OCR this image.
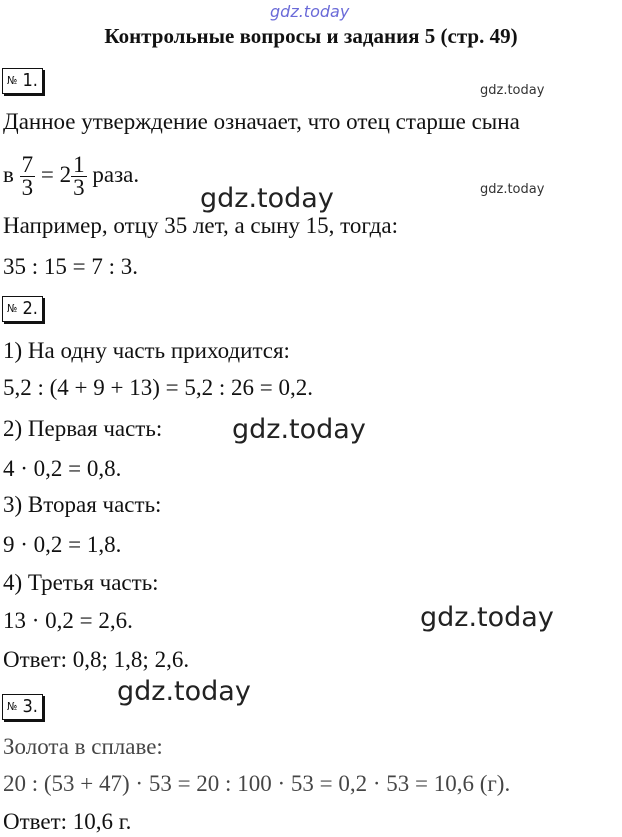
gdz.today
Контрольные вопросы и задания 5 (стр. 49)
№ 1.	gdz.today
Данное утверждение означает, что отец старше сына
в $\frac{7}{3} = 2 \frac{1}{3}$ раза.
gdz.today	gdz.today
Например, отцу 35 лет, а сыну 15, тогда:
35 : 15 = 7 : 3.
№ 2.
1) На одну часть приходится:
5,2 : (4 + 9 + 13) = 5,2 : 26 = 0,2.
2) Первая часть:	gdz.today
4 · 0,2 = 0,8.
3) Вторая часть:
9 · 0,2 = 1,8.
4) Третья часть:
13 · 0,2 = 2,6.	gdz.today
Ответ: 0,8; 1,8; 2,6.
№ 3.	gdz.today
Золота в сплаве:
20 : (53 + 47) · 53 = 20 : 100 · 53 = 0,2 · 53 = 10,6 (г).
Ответ: 10,6 г.
